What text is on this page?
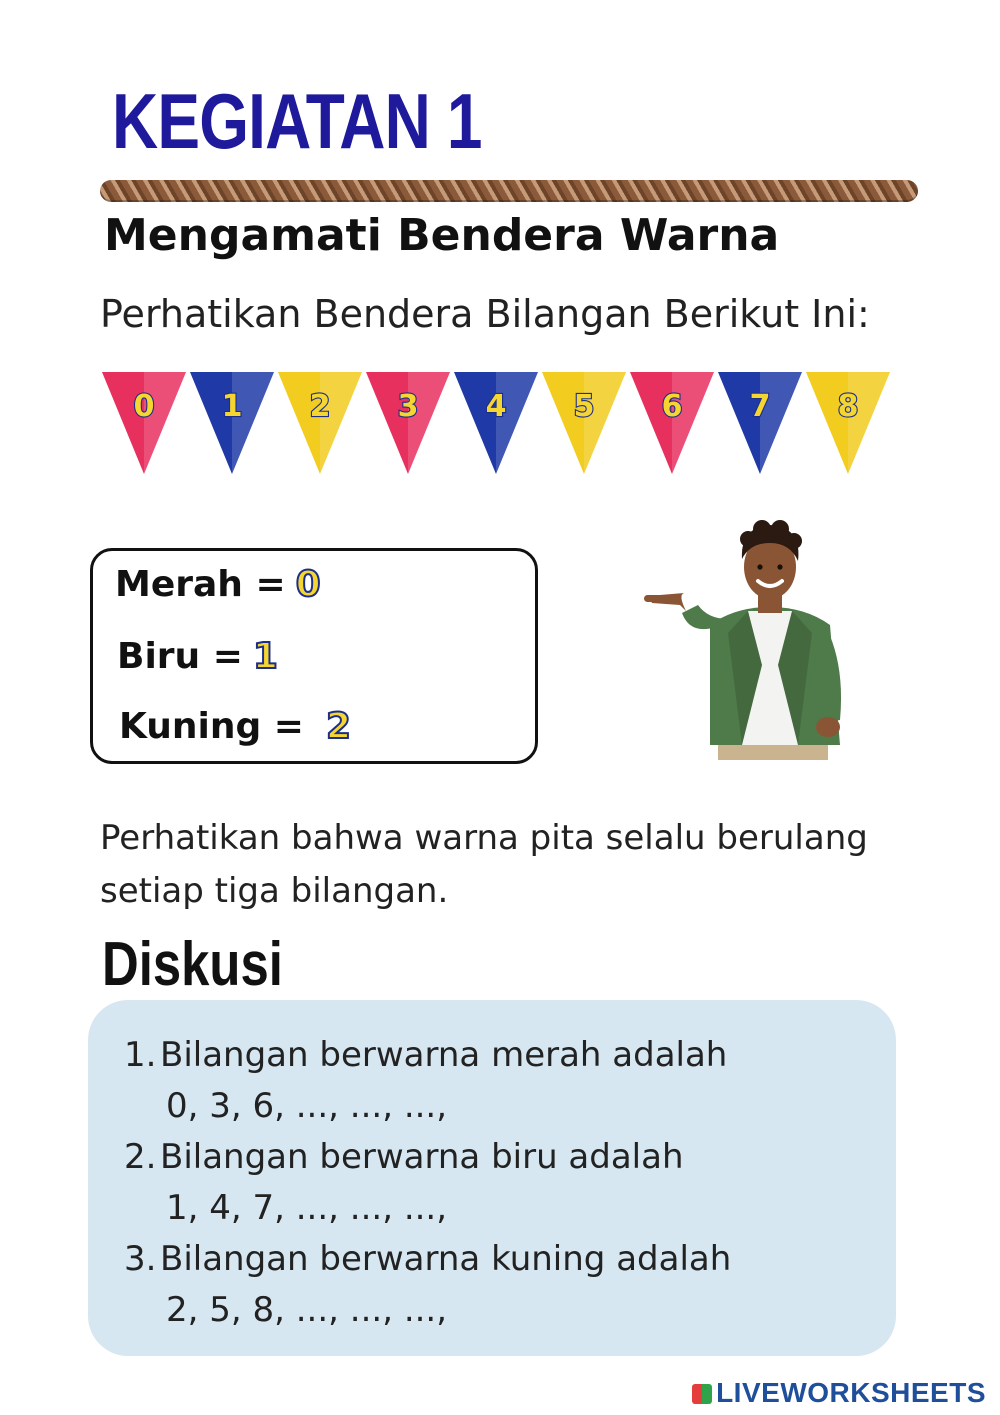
KEGIATAN 1
Mengamati Bendera Warna

Perhatikan Bendera Bilangan Berikut Ini:

0 1 2 3 4 5 6 7 8
Merah = 0
Biru = 1
Kuning = 2

Perhatikan bahwa warna pita selalu berulang setiap tiga bilangan.

Diskusi
1. Bilangan berwarna merah adalah
0, 3, 6, ..., ..., ...,
2. Bilangan berwarna biru adalah
1, 4, 7, ..., ..., ...,
3. Bilangan berwarna kuning adalah
2, 5, 8, ..., ..., ...,
LIVEWORKSHEETS
